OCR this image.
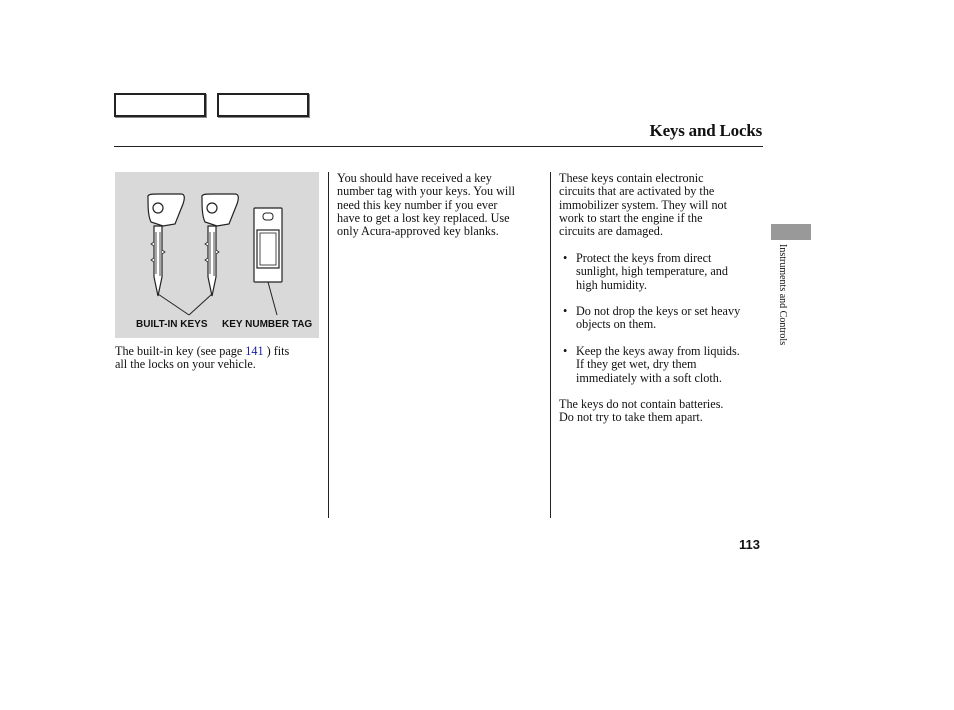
Keys and Locks
BUILT-IN KEYS KEY NUMBER TAG

The built-in key (see page 141 ) fits

all the locks on your vehicle.

You should have received a key

number tag with your keys. You will

need this key number if you ever

have to get a lost key replaced. Use

only Acura-approved key blanks.

These keys contain electronic

circuits that are activated by the

immobilizer system. They will not

work to start the engine if the

circuits are damaged.

• Protect the keys from direct

sunlight, high temperature, and

high humidity.

• Do not drop the keys or set heavy

objects on them.

• Keep the keys away from liquids.

If they get wet, dry them

immediately with a soft cloth.

The keys do not contain batteries.

Do not try to take them apart.

Instruments and Controls
113
